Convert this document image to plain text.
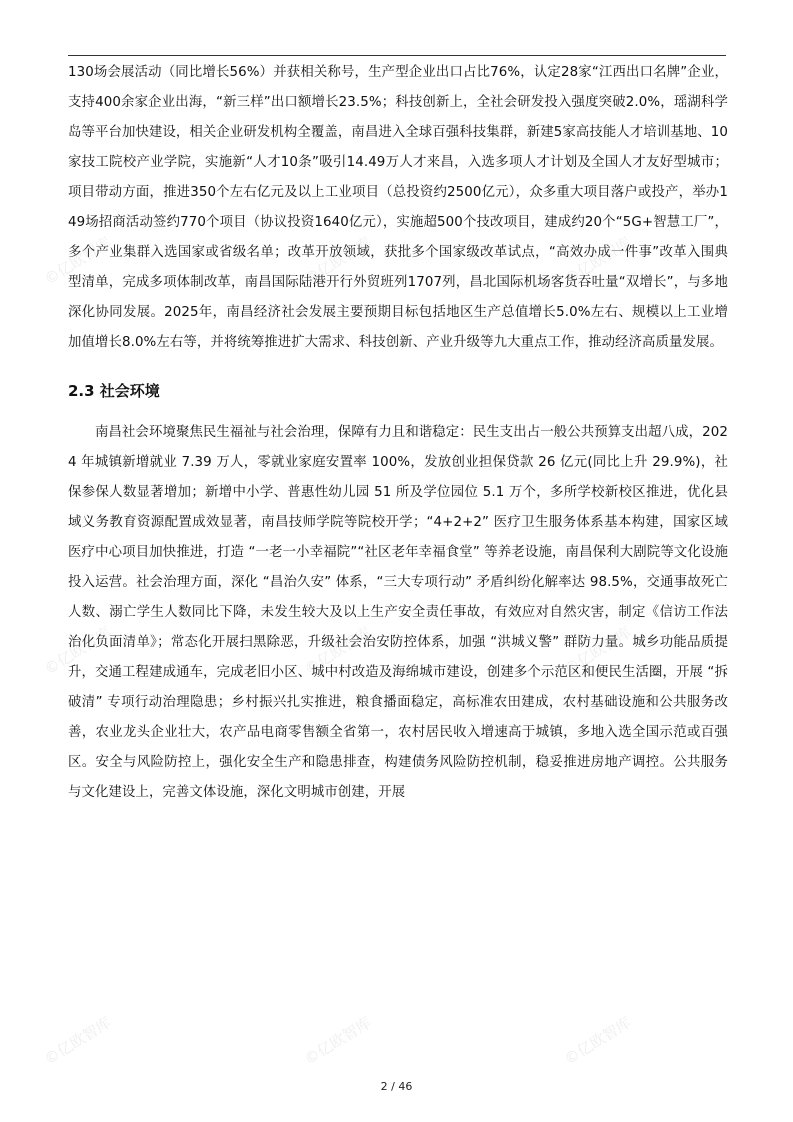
130场会展活动（同比增长56%）并获相关称号，生产型企业出口占比76%，认定28家“江西出口名牌”企业，支持400余家企业出海，“新三样”出口额增长23.5%；科技创新上，全社会研发投入强度突破2.0%，瑶湖科学岛等平台加快建设，相关企业研发机构全覆盖，南昌进入全球百强科技集群，新建5家高技能人才培训基地、10家技工院校产业学院，实施新“人才10条”吸引14.49万人才来昌，入选多项人才计划及全国人才友好型城市；项目带动方面，推进350个左右亿元及以上工业项目（总投资约2500亿元），众多重大项目落户或投产，举办149场招商活动签约770个项目（协议投资1640亿元），实施超500个技改项目，建成约20个“5G+智慧工厂”，多个产业集群入选国家或省级名单；改革开放领域，获批多个国家级改革试点，“高效办成一件事”改革入围典型清单，完成多项体制改革，南昌国际陆港开行外贸班列1707列，昌北国际机场客货吞吐量“双增长”，与多地深化协同发展。2025年，南昌经济社会发展主要预期目标包括地区生产总值增长5.0%左右、规模以上工业增加值增长8.0%左右等，并将统筹推进扩大需求、科技创新、产业升级等九大重点工作，推动经济高质量发展。

2.3 社会环境

南昌社会环境聚焦民生福祉与社会治理，保障有力且和谐稳定：民生支出占一般公共预算支出超八成，2024 年城镇新增就业 7.39 万人，零就业家庭安置率 100%，发放创业担保贷款 26 亿元(同比上升 29.9%)，社保参保人数显著增加；新增中小学、普惠性幼儿园 51 所及学位园位 5.1 万个，多所学校新校区推进，优化县域义务教育资源配置成效显著，南昌技师学院等院校开学；“4+2+2” 医疗卫生服务体系基本构建，国家区域医疗中心项目加快推进，打造 “一老一小幸福院”“社区老年幸福食堂” 等养老设施，南昌保利大剧院等文化设施投入运营。社会治理方面，深化 “昌治久安” 体系，“三大专项行动” 矛盾纠纷化解率达 98.5%，交通事故死亡人数、溺亡学生人数同比下降，未发生较大及以上生产安全责任事故，有效应对自然灾害，制定《信访工作法治化负面清单》；常态化开展扫黑除恶，升级社会治安防控体系，加强 “洪城义警” 群防力量。城乡功能品质提升，交通工程建成通车，完成老旧小区、城中村改造及海绵城市建设，创建多个示范区和便民生活圈，开展 “拆破清” 专项行动治理隐患；乡村振兴扎实推进，粮食播面稳定，高标准农田建成，农村基础设施和公共服务改善，农业龙头企业壮大，农产品电商零售额全省第一，农村居民收入增速高于城镇，多地入选全国示范或百强区。安全与风险防控上，强化安全生产和隐患排查，构建债务风险防控机制，稳妥推进房地产调控。公共服务与文化建设上，完善文体设施，深化文明城市创建，开展

2 / 46
©亿欧智库	©亿欧智库	©亿欧智库
©亿欧智库	©亿欧智库	©亿欧智库
©亿欧智库	©亿欧智库	©亿欧智库
